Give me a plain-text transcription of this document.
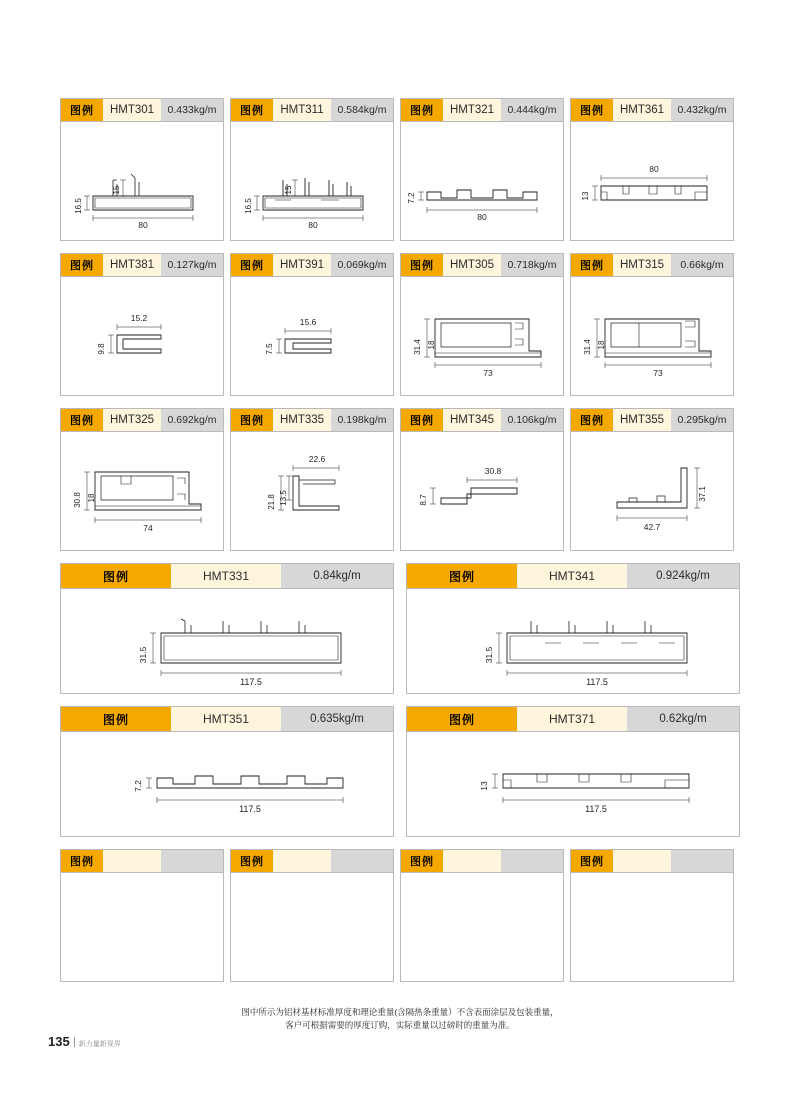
图例	HMT301	0.433kg/m
16.5
15
80
图例	HMT311	0.584kg/m
16.5
15
80
图例	HMT321	0.444kg/m
7.2
80
图例	HMT361	0.432kg/m
13
80
图例	HMT381	0.127kg/m
9.8
15.2
图例	HMT391	0.069kg/m
7.5
15.6
图例	HMT305	0.718kg/m
31.4 18
73
图例	HMT315	0.66kg/m
31.4 18
73
图例	HMT325	0.692kg/m
30.8 18
74
图例	HMT335	0.198kg/m
21.8 13.5
22.6
图例	HMT345	0.106kg/m
8.7
30.8
图例	HMT355	0.295kg/m
37.1
42.7
图例	HMT331	0.84kg/m
31.5
117.5
图例	HMT341	0.924kg/m
31.5
117.5
图例	HMT351	0.635kg/m
7.2
117.5
图例	HMT371	0.62kg/m
13
117.5
图例	图例	图例	图例
图中所示为铝材基材标准厚度和理论重量(含隔热条重量）不含表面涂层及包装重量，
客户可根据需要的厚度订购，实际重量以过磅时的重量为准。
135 新力量新视界
